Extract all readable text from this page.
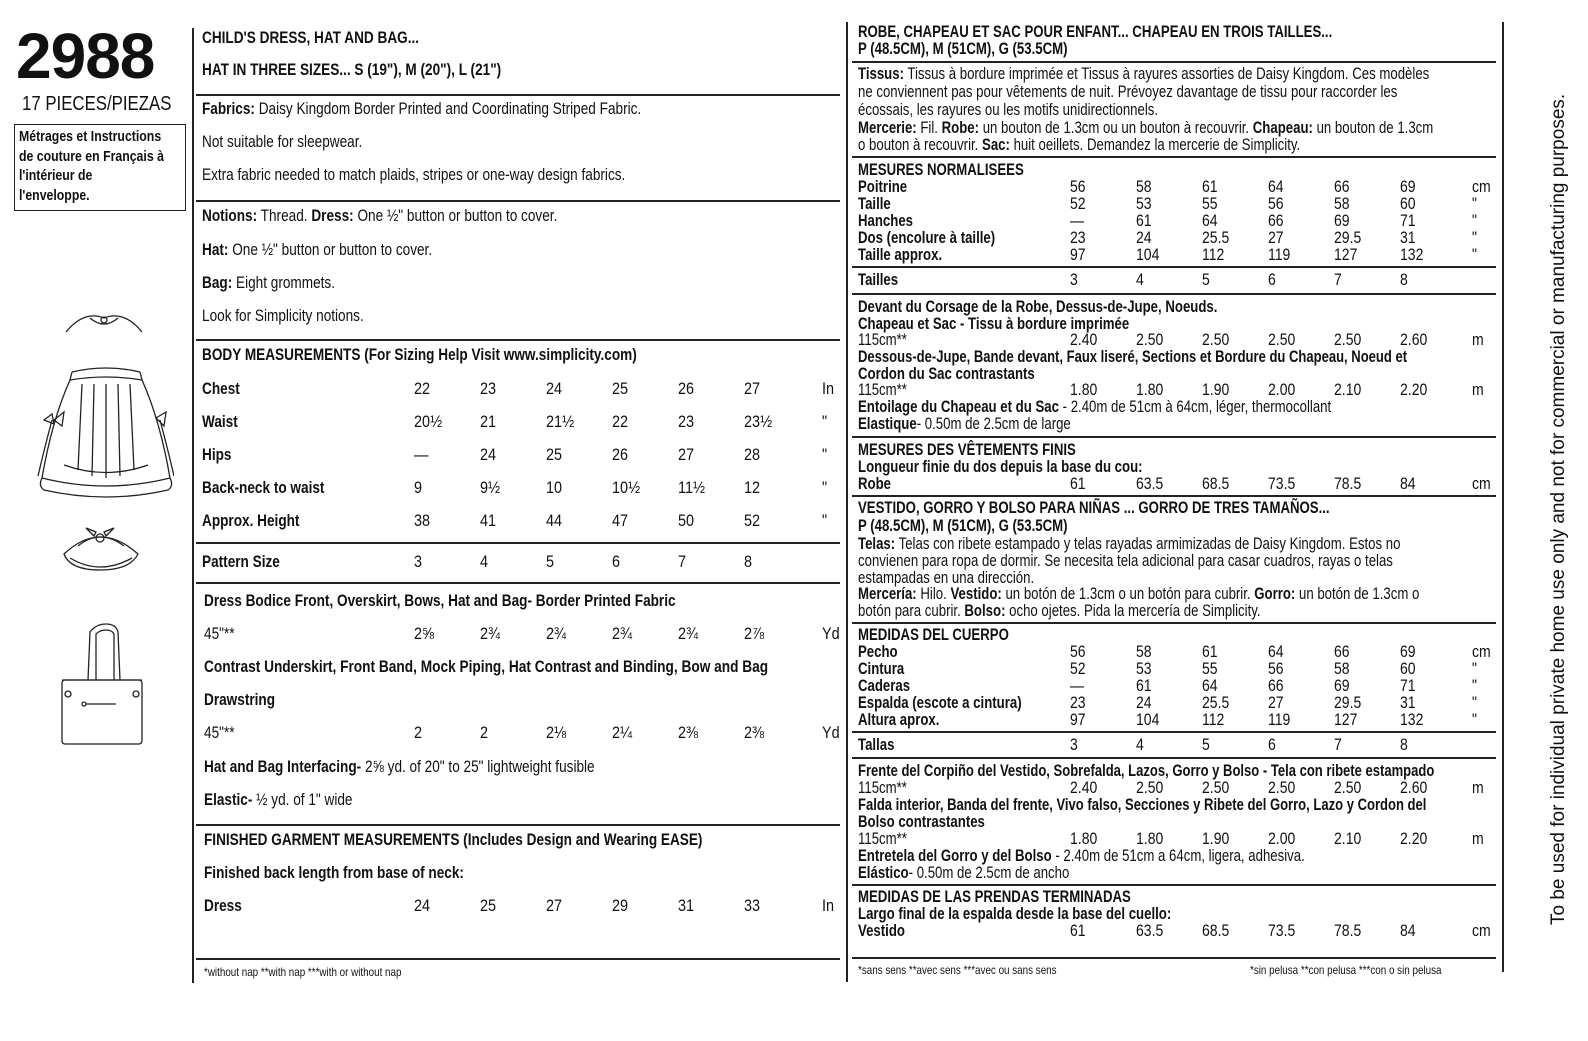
2988
17 PIECES/PIEZAS
Métrages et Instructions
de couture en Français à
l'intérieur de
l'enveloppe.
CHILD'S DRESS, HAT AND BAG...
HAT IN THREE SIZES... S (19"), M (20"), L (21")
Fabrics: Daisy Kingdom Border Printed and Coordinating Striped Fabric.
Not suitable for sleepwear.
Extra fabric needed to match plaids, stripes or one-way design fabrics.
Notions: Thread. Dress: One ½" button or button to cover.
Hat: One ½" button or button to cover.
Bag: Eight grommets.
Look for Simplicity notions.
BODY MEASUREMENTS (For Sizing Help Visit www.simplicity.com)
Chest	22	23	24	25	26	27	In
Waist	20½ 21	21½ 22	23	23½	"
Hips	—	24	25	26	27	28	"
Back-neck to waist	9	9½	10	10½ 11½ 12	"
Approx. Height	38	41	44	47	50	52	"
Pattern Size	3	4	5	6	7	8
Dress Bodice Front, Overskirt, Bows, Hat and Bag- Border Printed Fabric
45"**	2⅝	2¾	2¾	2¾	2¾	2⅞	Yd
Contrast Underskirt, Front Band, Mock Piping, Hat Contrast and Binding, Bow and Bag
Drawstring
45"**	2	2	2⅛	2¼	2⅜	2⅜	Yd
Hat and Bag Interfacing- 2⅝ yd. of 20" to 25" lightweight fusible
Elastic- ½ yd. of 1" wide
FINISHED GARMENT MEASUREMENTS (Includes Design and Wearing EASE)
Finished back length from base of neck:
Dress	24	25	27	29	31	33	In
*without nap **with nap ***with or without nap
ROBE, CHAPEAU ET SAC POUR ENFANT... CHAPEAU EN TROIS TAILLES...
P (48.5CM), M (51CM), G (53.5CM)
Tissus: Tissus à bordure imprimée et Tissus à rayures assorties de Daisy Kingdom. Ces modèles
ne conviennent pas pour vêtements de nuit. Prévoyez davantage de tissu pour raccorder les
écossais, les rayures ou les motifs unidirectionnels.
Mercerie: Fil. Robe: un bouton de 1.3cm ou un bouton à recouvrir. Chapeau: un bouton de 1.3cm
o bouton à recouvrir. Sac: huit oeillets. Demandez la mercerie de Simplicity.
MESURES NORMALISEES
Poitrine	56	58	61	64	66	69	cm
Taille	52	53	55	56	58	60	"
Hanches	—	61	64	66	69	71	"
Dos (encolure à taille)	23	24	25.5 27	29.5 31	"
Taille approx.	97	104	112	119	127	132	"
Tailles	3	4	5	6	7	8
Devant du Corsage de la Robe, Dessus-de-Jupe, Noeuds.
Chapeau et Sac - Tissu à bordure imprimée
115cm**	2.40 2.50 2.50 2.50 2.50 2.60	m
Dessous-de-Jupe, Bande devant, Faux liseré, Sections et Bordure du Chapeau, Noeud et
Cordon du Sac contrastants
115cm**	1.80 1.80 1.90 2.00 2.10 2.20	m
Entoilage du Chapeau et du Sac - 2.40m de 51cm à 64cm, léger, thermocollant
Elastique- 0.50m de 2.5cm de large
MESURES DES VÊTEMENTS FINIS
Longueur finie du dos depuis la base du cou:
Robe	61	63.5 68.5 73.5 78.5 84	cm
VESTIDO, GORRO Y BOLSO PARA NIÑAS ... GORRO DE TRES TAMAÑOS...
P (48.5CM), M (51CM), G (53.5CM)
Telas: Telas con ribete estampado y telas rayadas armimizadas de Daisy Kingdom. Estos no
convienen para ropa de dormir. Se necesita tela adicional para casar cuadros, rayas o telas
estampadas en una dirección.
Mercería: Hilo. Vestido: un botón de 1.3cm o un botón para cubrir. Gorro: un botón de 1.3cm o
botón para cubrir. Bolso: ocho ojetes. Pida la mercería de Simplicity.
MEDIDAS DEL CUERPO
Pecho	56	58	61	64	66	69	cm
Cintura	52	53	55	56	58	60	"
Caderas	—	61	64	66	69	71	"
Espalda (escote a cintura)	23	24	25.5 27	29.5 31	"
Altura aprox.	97	104	112	119	127	132	"
Tallas	3	4	5	6	7	8
Frente del Corpiño del Vestido, Sobrefalda, Lazos, Gorro y Bolso - Tela con ribete estampado
115cm**	2.40 2.50 2.50 2.50 2.50 2.60	m
Falda interior, Banda del frente, Vivo falso, Secciones y Ribete del Gorro, Lazo y Cordon del
Bolso contrastantes
115cm**	1.80 1.80 1.90 2.00 2.10 2.20	m
Entretela del Gorro y del Bolso - 2.40m de 51cm a 64cm, ligera, adhesiva.
Elástico- 0.50m de 2.5cm de ancho
MEDIDAS DE LAS PRENDAS TERMINADAS
Largo final de la espalda desde la base del cuello:
Vestido	61	63.5 68.5 73.5 78.5 84	cm
*sans sens **avec sens ***avec ou sans sens	*sin pelusa **con pelusa ***con o sin pelusa
To be used for individual private home use only and not for commercial or manufacturing purposes.
